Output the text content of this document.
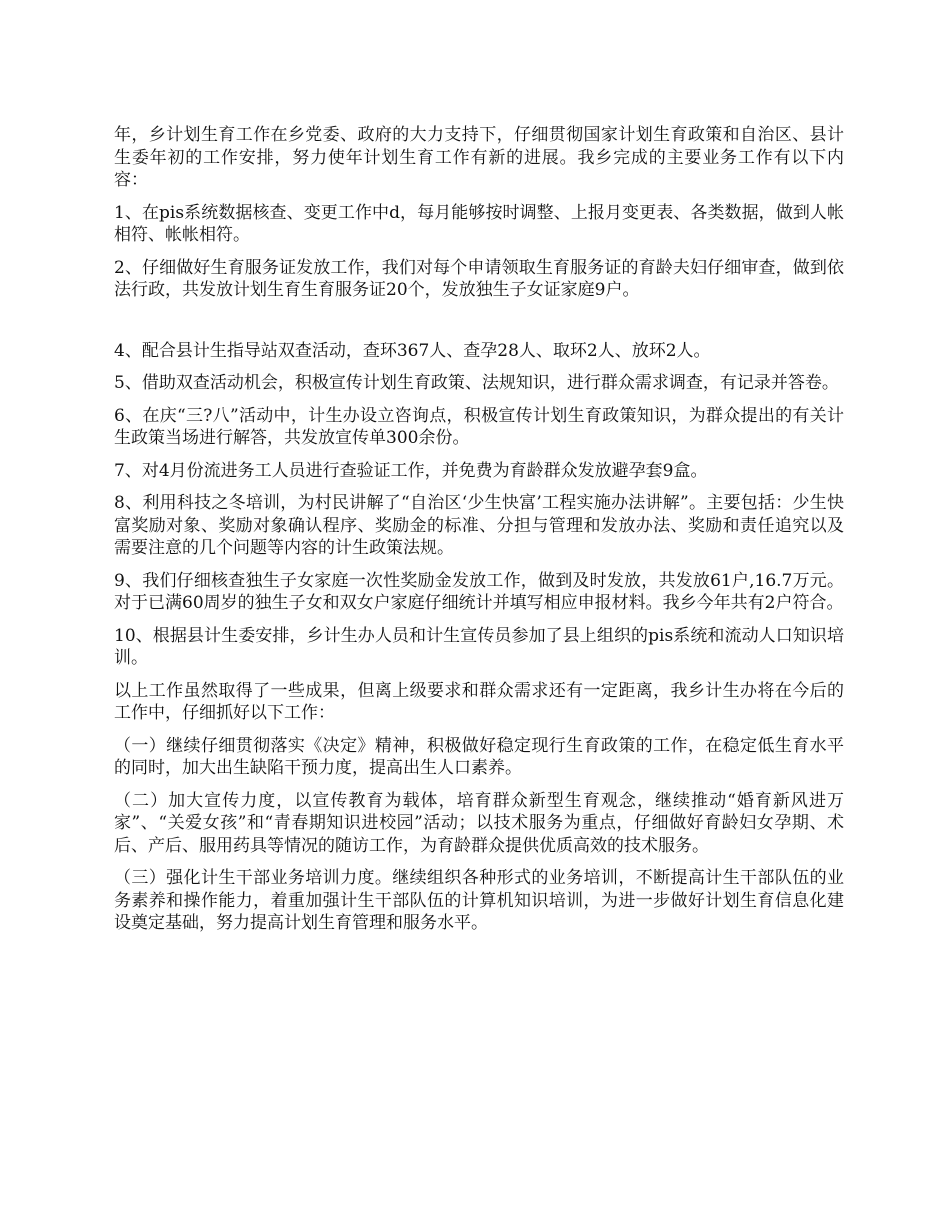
年，乡计划生育工作在乡党委、政府的大力支持下，仔细贯彻国家计划生育政策和自治区、县计生委年初的工作安排，努力使年计划生育工作有新的进展。我乡完成的主要业务工作有以下内容：

1、在pis系统数据核查、变更工作中d，每月能够按时调整、上报月变更表、各类数据，做到人帐相符、帐帐相符。

2、仔细做好生育服务证发放工作，我们对每个申请领取生育服务证的育龄夫妇仔细审查，做到依法行政，共发放计划生育生育服务证20个，发放独生子女证家庭9户。

4、配合县计生指导站双查活动，查环367人、查孕28人、取环2人、放环2人。

5、借助双查活动机会，积极宣传计划生育政策、法规知识，进行群众需求调查，有记录并答卷。

6、在庆“三?八”活动中，计生办设立咨询点，积极宣传计划生育政策知识，为群众提出的有关计生政策当场进行解答，共发放宣传单300余份。

7、对4月份流进务工人员进行查验证工作，并免费为育龄群众发放避孕套9盒。

8、利用科技之冬培训，为村民讲解了“自治区‘少生快富’工程实施办法讲解”。主要包括：少生快富奖励对象、奖励对象确认程序、奖励金的标准、分担与管理和发放办法、奖励和责任追究以及需要注意的几个问题等内容的计生政策法规。

9、我们仔细核查独生子女家庭一次性奖励金发放工作，做到及时发放，共发放61户,16.7万元。对于已满60周岁的独生子女和双女户家庭仔细统计并填写相应申报材料。我乡今年共有2户符合。

10、根据县计生委安排，乡计生办人员和计生宣传员参加了县上组织的pis系统和流动人口知识培训。

以上工作虽然取得了一些成果，但离上级要求和群众需求还有一定距离，我乡计生办将在今后的工作中，仔细抓好以下工作：

（一）继续仔细贯彻落实《决定》精神，积极做好稳定现行生育政策的工作，在稳定低生育水平的同时，加大出生缺陷干预力度，提高出生人口素养。

（二）加大宣传力度，以宣传教育为载体，培育群众新型生育观念，继续推动“婚育新风进万家”、“关爱女孩”和“青春期知识进校园”活动；以技术服务为重点，仔细做好育龄妇女孕期、术后、产后、服用药具等情况的随访工作，为育龄群众提供优质高效的技术服务。

（三）强化计生干部业务培训力度。继续组织各种形式的业务培训，不断提高计生干部队伍的业务素养和操作能力，着重加强计生干部队伍的计算机知识培训，为进一步做好计划生育信息化建设奠定基础，努力提高计划生育管理和服务水平。
